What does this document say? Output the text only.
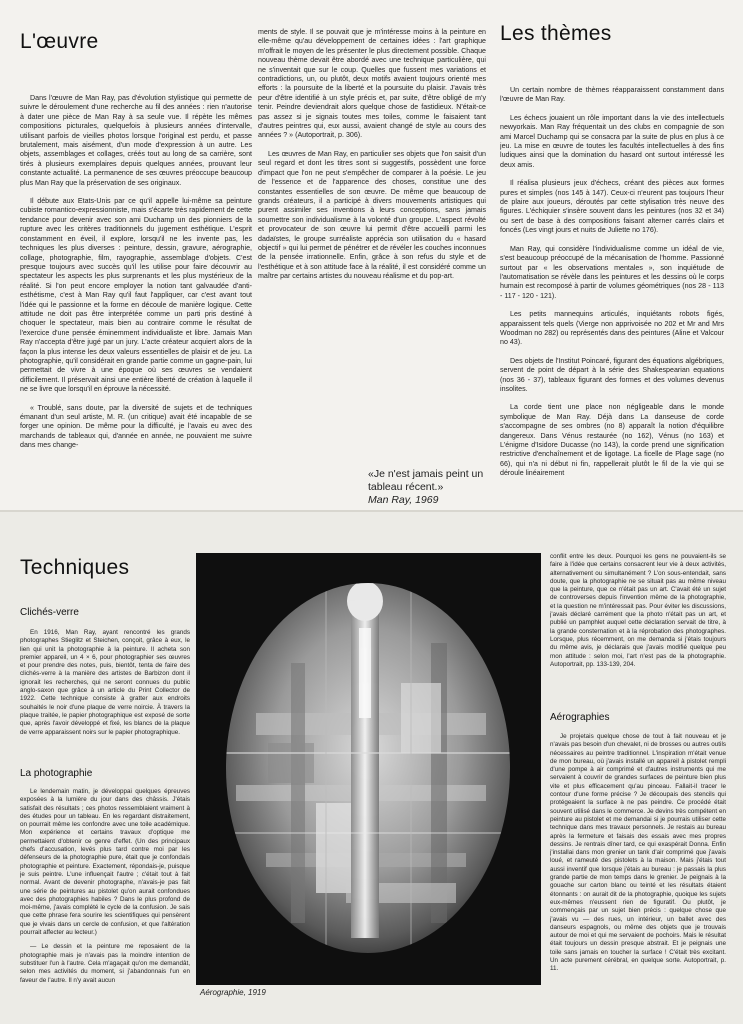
L'œuvre

Dans l'œuvre de Man Ray, pas d'évolution stylistique qui permette de suivre le déroulement d'une recherche au fil des années : rien n'autorise à dater une pièce de Man Ray à sa seule vue. Il répète les mêmes compositions picturales, quelquefois à plusieurs années d'intervalle, utilisant parfois de vieilles photos lorsque l'original est perdu, et passe brutalement, mais aisément, d'un mode d'expression à un autre. Les objets, assemblages et collages, créés tout au long de sa carrière, sont tirés à plusieurs exemplaires depuis quelques années, prouvant leur constante actualité. La permanence de ses œuvres préoccupe beaucoup plus Man Ray que la préservation de ses originaux.

Il débute aux Etats-Unis par ce qu'il appelle lui-même sa peinture cubiste romantico-expressionniste, mais s'écarte très rapidement de cette tendance pour devenir avec son ami Duchamp un des pionniers de la rupture avec les critères traditionnels du jugement esthétique. L'esprit constamment en éveil, il explore, lorsqu'il ne les invente pas, les techniques les plus diverses : peinture, dessin, gravure, aérographie, collage, photographie, film, rayographie, assemblage d'objets. C'est presque toujours avec succès qu'il les utilise pour faire découvrir au spectateur les aspects les plus surprenants et les plus mystérieux de la réalité. Si l'on peut encore employer la notion tant galvaudée d'anti-esthétisme, c'est à Man Ray qu'il faut l'appliquer, car c'est avant tout l'idée qui le passionne et la forme en découle de manière logique. Cette attitude ne doit pas être interprétée comme un parti pris destiné à choquer le spectateur, mais bien au contraire comme le résultat de l'exercice d'une pensée éminemment individualiste et libre. Jamais Man Ray n'accepta d'être jugé par un jury. L'acte créateur acquiert alors de la façon la plus intense les deux valeurs essentielles de plaisir et de jeu. La photographie, qu'il considérait en grande partie comme un gagne-pain, lui permettait de vivre à une époque où ses œuvres se vendaient difficilement. Il préservait ainsi une entière liberté de création à laquelle il ne se livre que lorsqu'il en éprouve la nécessité.

« Troublé, sans doute, par la diversité de sujets et de techniques émanant d'un seul artiste, M. R. (un critique) avait été incapable de se forger une opinion. De même pour la difficulté, je l'avais eu avec des marchands de tableaux qui, d'année en année, ne pouvaient me suivre dans mes change-

ments de style. Il se pouvait que je m'intéresse moins à la peinture en elle-même qu'au développement de certaines idées : l'art graphique m'offrait le moyen de les présenter le plus directement possible. Chaque nouveau thème devait être abordé avec une technique particulière, qui ne s'inventait que sur le coup. Quelles que fussent mes variations et contradictions, un, ou plutôt, deux motifs avaient toujours orienté mes efforts : la poursuite de la liberté et la poursuite du plaisir. J'avais très peur d'être identifié à un style précis et, par suite, d'être obligé de m'y tenir. Peindre deviendrait alors quelque chose de fastidieux. N'était-ce pas assez si je signais toutes mes toiles, comme le faisaient tant d'autres peintres qui, eux aussi, avaient changé de style au cours des années ? » (Autoportrait, p. 306).

Les œuvres de Man Ray, en particulier ses objets que l'on saisit d'un seul regard et dont les titres sont si suggestifs, possèdent une force d'impact que l'on ne peut s'empêcher de comparer à la poésie. Le jeu de l'essence et de l'apparence des choses, constitue une des constantes essentielles de son œuvre. De même que beaucoup de grands créateurs, il a participé à divers mouvements artistiques qui purent assimiler ses inventions à leurs conceptions, sans jamais soumettre son individualisme à la volonté d'un groupe. L'aspect révolté et provocateur de son œuvre lui permit d'être accueilli parmi les dadaïstes, le groupe surréaliste apprécia son utilisation du « hasard objectif » qui lui permet de pénétrer et de révéler les couches inconnues de la pensée irrationnelle. Enfin, grâce à son refus du style et de l'esthétique et à son attitude face à la réalité, il est considéré comme un maître par certains artistes du nouveau réalisme et du pop-art.

«Je n'est jamais peint un tableau récent.»
Man Ray, 1969
Les thèmes

Un certain nombre de thèmes réapparaissent constamment dans l'œuvre de Man Ray.

Les échecs jouaient un rôle important dans la vie des intellectuels newyorkais. Man Ray fréquentait un des clubs en compagnie de son ami Marcel Duchamp qui se consacra par la suite de plus en plus à ce jeu. La mise en œuvre de toutes les facultés intellectuelles à des fins ludiques ainsi que la domination du hasard ont surtout intéressé les deux amis.

Il réalisa plusieurs jeux d'échecs, créant des pièces aux formes pures et simples (nos 145 à 147). Ceux-ci n'eurent pas toujours l'heur de plaire aux joueurs, déroutés par cette stylisation très neuve des figures. L'échiquier s'insère souvent dans les peintures (nos 32 et 34) ou sert de base à des compositions faisant alterner carrés clairs et foncés (Les vingt jours et nuits de Juliette no 176).

Man Ray, qui considère l'individualisme comme un idéal de vie, s'est beaucoup préoccupé de la mécanisation de l'homme. Passionné surtout par « les observations mentales », son inquiétude de l'automatisation se révèle dans les peintures et les dessins où le corps humain est recomposé à partir de volumes géométriques (nos 28 - 113 - 117 - 120 - 121).

Les petits mannequins articulés, inquiétants robots figés, apparaissent tels quels (Vierge non apprivoisée no 202 et Mr and Mrs Woodman no 282) ou représentés dans des peintures (Aline et Valcour no 43).

Des objets de l'Institut Poincaré, figurant des équations algébriques, servent de point de départ à la série des Shakespearian equations (nos 36 - 37), tableaux figurant des formes et des volumes devenus insolites.

La corde tient une place non négligeable dans le monde symbolique de Man Ray. Déjà dans La danseuse de corde s'accompagne de ses ombres (no 8) apparaît la notion d'équilibre dangereux. Dans Vénus restaurée (no 162), Vénus (no 163) et L'énigme d'Isidore Ducasse (no 143), la corde prend une signification restrictive d'enchaînement et de ligotage. La ficelle de Plage sage (no 66), qui n'a ni début ni fin, rappellerait plutôt le fil de la vie qui se déroule linéairement

Techniques
Clichés-verre

En 1916, Man Ray, ayant rencontré les grands photographes Stieglitz et Steichen, conçoit, grâce à eux, le lien qui unit la photographie à la peinture. Il acheta son premier appareil, un 4 × 6, pour photographier ses œuvres et pour prendre des notes, puis, bientôt, tenta de faire des clichés-verre à la manière des artistes de Barbizon dont il ignorait les recherches, qui ne seront connues du public anglo-saxon que grâce à un article du Print Collector de 1922. Cette technique consiste à gratter aux endroits souhaités le noir d'une plaque de verre noircie. À travers la plaque traitée, le papier photographique est exposé de sorte que, après l'avoir développé et fixé, les blancs de la plaque de verre apparaissent noirs sur le papier photographique.

La photographie

Le lendemain matin, je développai quelques épreuves exposées à la lumière du jour dans des châssis. J'étais satisfait des résultats ; ces photos ressemblaient vraiment à des études pour un tableau. En les regardant distraitement, on pourrait même les confondre avec une toile académique. Mon expérience et certains travaux d'optique me permettaient d'obtenir ce genre d'effet. (Un des principaux chefs d'accusation, levés plus tard contre moi par les défenseurs de la photographie pure, était que je confondais photographie et peinture. Exactement, répondais-je, puisque je suis peintre. L'une influençait l'autre ; c'était tout à fait normal. Avant de devenir photographe, n'avais-je pas fait une série de peintures au pistolet qu'on aurait confondues avec des photographies habiles ? Dans le plus profond de moi-même, j'avais complété le cycle de la confusion. Je sais que cette phrase fera sourire les scientifiques qui pensèrent que je vivais dans un cercle de confusion, et que l'altération pourrait affecter au lecteur.)

— Le dessin et la peinture me reposaient de la photographie mais je n'avais pas la moindre intention de substituer l'un à l'autre. Cela m'agaçait qu'on me demandât, selon mes activités du moment, si j'abandonnais l'un en faveur de l'autre. Il n'y avait aucun

Aérographie, 1919

conflit entre les deux. Pourquoi les gens ne pouvaient-ils se faire à l'idée que certains consacrent leur vie à deux activités, alternativement ou simultanément ? L'on sous-entendait, sans doute, que la photographie ne se situait pas au même niveau que la peinture, que ce n'était pas un art. C'avait été un sujet de controverses depuis l'invention même de la photographie, et la question ne m'intéressait pas. Pour éviter les discussions, j'avais déclaré carrément que la photo n'était pas un art, et publié un pamphlet auquel cette déclaration servait de titre, à la grande consternation et à la réprobation des photographes. Lorsque, plus récemment, on me demanda si j'étais toujours du même avis, je déclarais que j'avais modifié quelque peu mon attitude : selon moi, l'art n'est pas de la photographie. Autoportrait, pp. 133-139, 204.

Aérographies

Je projetais quelque chose de tout à fait nouveau et je n'avais pas besoin d'un chevalet, ni de brosses ou autres outils nécessaires au peintre traditionnel. L'inspiration m'était venue de mon bureau, où j'avais installé un appareil à pistolet rempli d'une pompe à air comprimé et d'autres instruments qui me servaient à couvrir de grandes surfaces de peinture bien plus vite et plus efficacement qu'au pinceau. Fallait-il tracer le contour d'une forme précise ? Je découpais des stencils qui protégeaient la surface à ne pas peindre. Ce procédé était souvent utilisé dans le commerce. Je devins très compétent en peinture au pistolet et me demandai si je pourrais utiliser cette technique dans mes travaux personnels. Je restais au bureau après la fermeture et faisais des essais avec mes propres dessins. Je rentrais dîner tard, ce qui exaspérait Donna. Enfin j'installai dans mon grenier un tank d'air comprimé que j'avais loué, et rameuté des pistolets à la maison. Mais j'étais tout aussi inventif que lorsque j'étais au bureau : je passais la plus grande partie de mon temps dans le grenier. Je peignais à la gouache sur carton blanc ou teinté et les résultats étaient étonnants : on aurait dit de la photographie, quoique les sujets eux-mêmes n'eussent rien de figuratif. Ou plutôt, je commençais par un sujet bien précis : quelque chose que j'avais vu — des rues, un intérieur, un ballet avec des danseurs espagnols, ou même des objets que je trouvais autour de moi et qui me servaient de pochoirs. Mais le résultat était toujours un dessin presque abstrait. Et je peignais une toile sans jamais en toucher la surface ! C'était très excitant. Un acte purement cérébral, en quelque sorte. Autoportrait, p. 11.
